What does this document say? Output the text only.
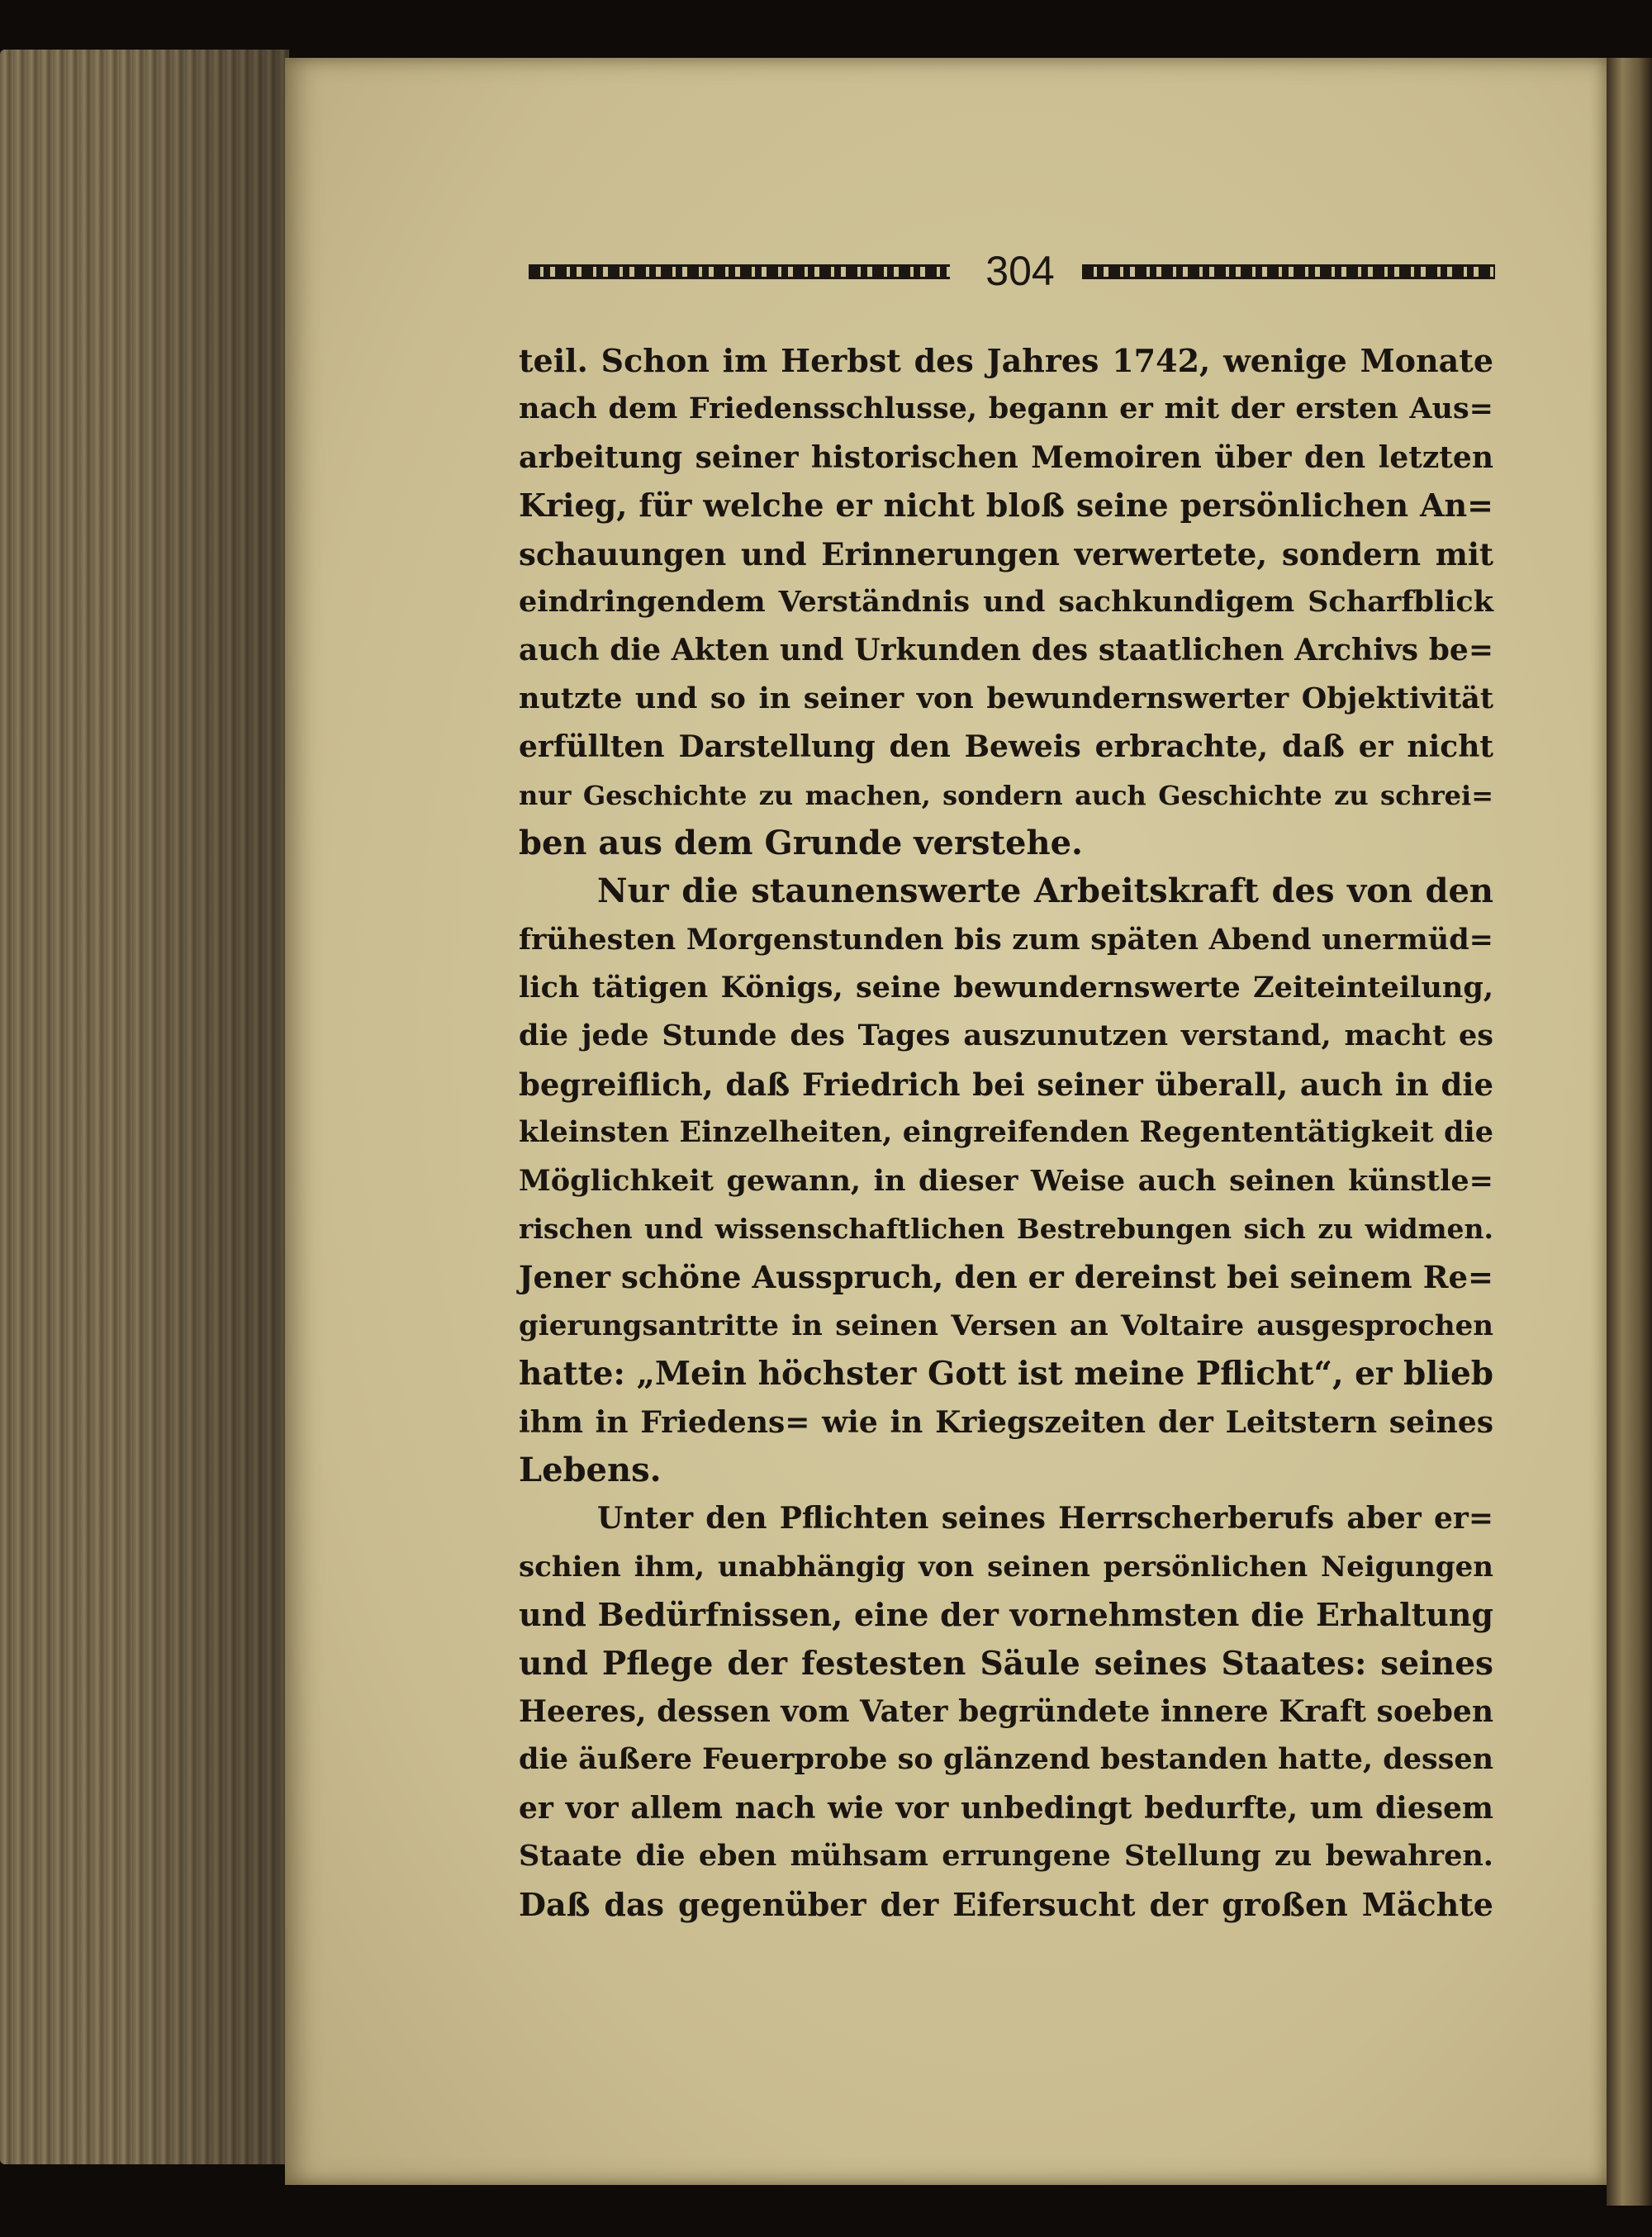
304
teil. Schon im Herbst des Jahres 1742, wenige Monate
nach dem Friedensschlusse, begann er mit der ersten Aus=
arbeitung seiner historischen Memoiren über den letzten
Krieg, für welche er nicht bloß seine persönlichen An=
schauungen und Erinnerungen verwertete, sondern mit
eindringendem Verständnis und sachkundigem Scharfblick
auch die Akten und Urkunden des staatlichen Archivs be=
nutzte und so in seiner von bewundernswerter Objektivität
erfüllten Darstellung den Beweis erbrachte, daß er nicht
nur Geschichte zu machen, sondern auch Geschichte zu schrei=
ben aus dem Grunde verstehe.
Nur die staunenswerte Arbeitskraft des von den
frühesten Morgenstunden bis zum späten Abend unermüd=
lich tätigen Königs, seine bewundernswerte Zeiteinteilung,
die jede Stunde des Tages auszunutzen verstand, macht es
begreiflich, daß Friedrich bei seiner überall, auch in die
kleinsten Einzelheiten, eingreifenden Regententätigkeit die
Möglichkeit gewann, in dieser Weise auch seinen künstle=
rischen und wissenschaftlichen Bestrebungen sich zu widmen.
Jener schöne Ausspruch, den er dereinst bei seinem Re=
gierungsantritte in seinen Versen an Voltaire ausgesprochen
hatte: „Mein höchster Gott ist meine Pflicht“, er blieb
ihm in Friedens= wie in Kriegszeiten der Leitstern seines
Lebens.
Unter den Pflichten seines Herrscherberufs aber er=
schien ihm, unabhängig von seinen persönlichen Neigungen
und Bedürfnissen, eine der vornehmsten die Erhaltung
und Pflege der festesten Säule seines Staates: seines
Heeres, dessen vom Vater begründete innere Kraft soeben
die äußere Feuerprobe so glänzend bestanden hatte, dessen
er vor allem nach wie vor unbedingt bedurfte, um diesem
Staate die eben mühsam errungene Stellung zu bewahren.
Daß das gegenüber der Eifersucht der großen Mächte
